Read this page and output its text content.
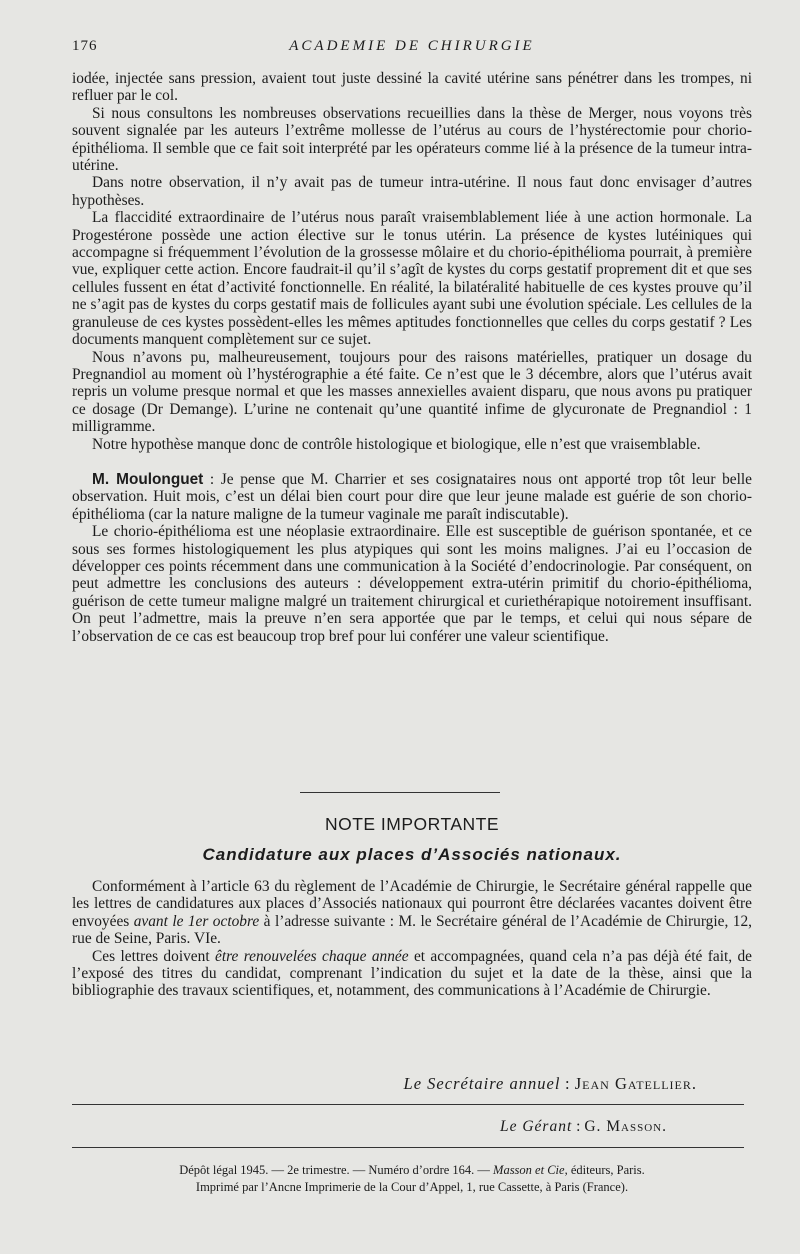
176	ACADEMIE DE CHIRURGIE

iodée, injectée sans pression, avaient tout juste dessiné la cavité utérine sans pénétrer dans les trompes, ni refluer par le col.

Si nous consultons les nombreuses observations recueillies dans la thèse de Merger, nous voyons très souvent signalée par les auteurs l’extrême mollesse de l’utérus au cours de l’hystérectomie pour chorio-épithélioma. Il semble que ce fait soit interprété par les opérateurs comme lié à la présence de la tumeur intra-utérine.

Dans notre observation, il n’y avait pas de tumeur intra-utérine. Il nous faut donc envisager d’autres hypothèses.

La flaccidité extraordinaire de l’utérus nous paraît vraisemblablement liée à une action hormonale. La Progestérone possède une action élective sur le tonus utérin. La présence de kystes lutéiniques qui accompagne si fréquemment l’évolution de la grossesse môlaire et du chorio-épithélioma pourrait, à première vue, expliquer cette action. Encore faudrait-il qu’il s’agît de kystes du corps gestatif proprement dit et que ses cellules fussent en état d’activité fonctionnelle. En réalité, la bilatéralité habituelle de ces kystes prouve qu’il ne s’agit pas de kystes du corps gestatif mais de follicules ayant subi une évolution spéciale. Les cellules de la granuleuse de ces kystes possèdent-elles les mêmes aptitudes fonctionnelles que celles du corps gestatif ? Les documents manquent complètement sur ce sujet.

Nous n’avons pu, malheureusement, toujours pour des raisons matérielles, pratiquer un dosage du Pregnandiol au moment où l’hystérographie a été faite. Ce n’est que le 3 décembre, alors que l’utérus avait repris un volume presque normal et que les masses annexielles avaient disparu, que nous avons pu pratiquer ce dosage (Dr Demange). L’urine ne contenait qu’une quantité infime de glycuronate de Pregnandiol : 1 milligramme.

Notre hypothèse manque donc de contrôle histologique et biologique, elle n’est que vraisemblable.

M. Moulonguet : Je pense que M. Charrier et ses cosignataires nous ont apporté trop tôt leur belle observation. Huit mois, c’est un délai bien court pour dire que leur jeune malade est guérie de son chorio-épithélioma (car la nature maligne de la tumeur vaginale me paraît indiscutable).

Le chorio-épithélioma est une néoplasie extraordinaire. Elle est susceptible de guérison spontanée, et ce sous ses formes histologiquement les plus atypiques qui sont les moins malignes. J’ai eu l’occasion de développer ces points récemment dans une communication à la Société d’endocrinologie. Par conséquent, on peut admettre les conclusions des auteurs : développement extra-utérin primitif du chorio-épithélioma, guérison de cette tumeur maligne malgré un traitement chirurgical et curiethérapique notoirement insuffisant. On peut l’admettre, mais la preuve n’en sera apportée que par le temps, et celui qui nous sépare de l’observation de ce cas est beaucoup trop bref pour lui conférer une valeur scientifique.

NOTE IMPORTANTE
Candidature aux places d’Associés nationaux.

Conformément à l’article 63 du règlement de l’Académie de Chirurgie, le Secrétaire général rappelle que les lettres de candidatures aux places d’Associés nationaux qui pourront être déclarées vacantes doivent être envoyées avant le 1er octobre à l’adresse suivante : M. le Secrétaire général de l’Académie de Chirurgie, 12, rue de Seine, Paris. VIe.

Ces lettres doivent être renouvelées chaque année et accompagnées, quand cela n’a pas déjà été fait, de l’exposé des titres du candidat, comprenant l’indication du sujet et la date de la thèse, ainsi que la bibliographie des travaux scientifiques, et, notamment, des communications à l’Académie de Chirurgie.

Le Secrétaire annuel : Jean Gatellier.
Le Gérant : G. Masson.
Dépôt légal 1945. — 2e trimestre. — Numéro d’ordre 164. — Masson et Cie, éditeurs, Paris.
Imprimé par l’Ancne Imprimerie de la Cour d’Appel, 1, rue Cassette, à Paris (France).
